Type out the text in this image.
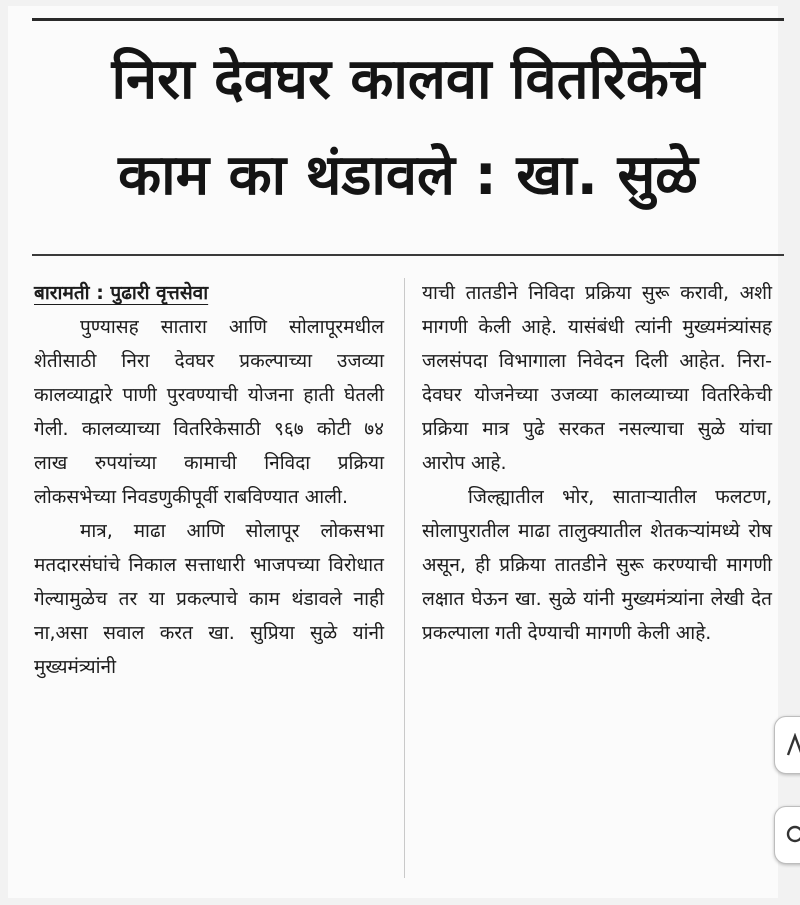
निरा देवघर कालवा वितरिकेचे
काम का थंडावले : खा. सुळे

बारामती : पुढारी वृत्तसेवा

पुण्यासह सातारा आणि सोलापूरमधील शेतीसाठी निरा देवघर प्रकल्पाच्या उजव्या कालव्याद्वारे पाणी पुरवण्याची योजना हाती घेतली गेली. कालव्याच्या वितरिकेसाठी ९६७ कोटी ७४ लाख रुपयांच्या कामाची निविदा प्रक्रिया लोकसभेच्या निवडणुकीपूर्वी राबविण्यात आली.

मात्र, माढा आणि सोलापूर लोकसभा मतदारसंघांचे निकाल सत्ताधारी भाजपच्या विरोधात गेल्यामुळेच तर या प्रकल्पाचे काम थंडावले नाही ना,असा सवाल करत खा. सुप्रिया सुळे यांनी मुख्यमंत्र्यांनी

याची तातडीने निविदा प्रक्रिया सुरू करावी, अशी मागणी केली आहे. यासंबंधी त्यांनी मुख्यमंत्र्यांसह जलसंपदा विभागाला निवेदन दिली आहेत. निरा-देवघर योजनेच्या उजव्या कालव्याच्या वितरिकेची प्रक्रिया मात्र पुढे सरकत नसल्याचा सुळे यांचा आरोप आहे.

जिल्ह्यातील भोर, साताऱ्यातील फलटण, सोलापुरातील माढा तालुक्यातील शेतकऱ्यांमध्ये रोष असून, ही प्रक्रिया तातडीने सुरू करण्याची मागणी लक्षात घेऊन खा. सुळे यांनी मुख्यमंत्र्यांना लेखी देत प्रकल्पाला गती देण्याची मागणी केली आहे.
